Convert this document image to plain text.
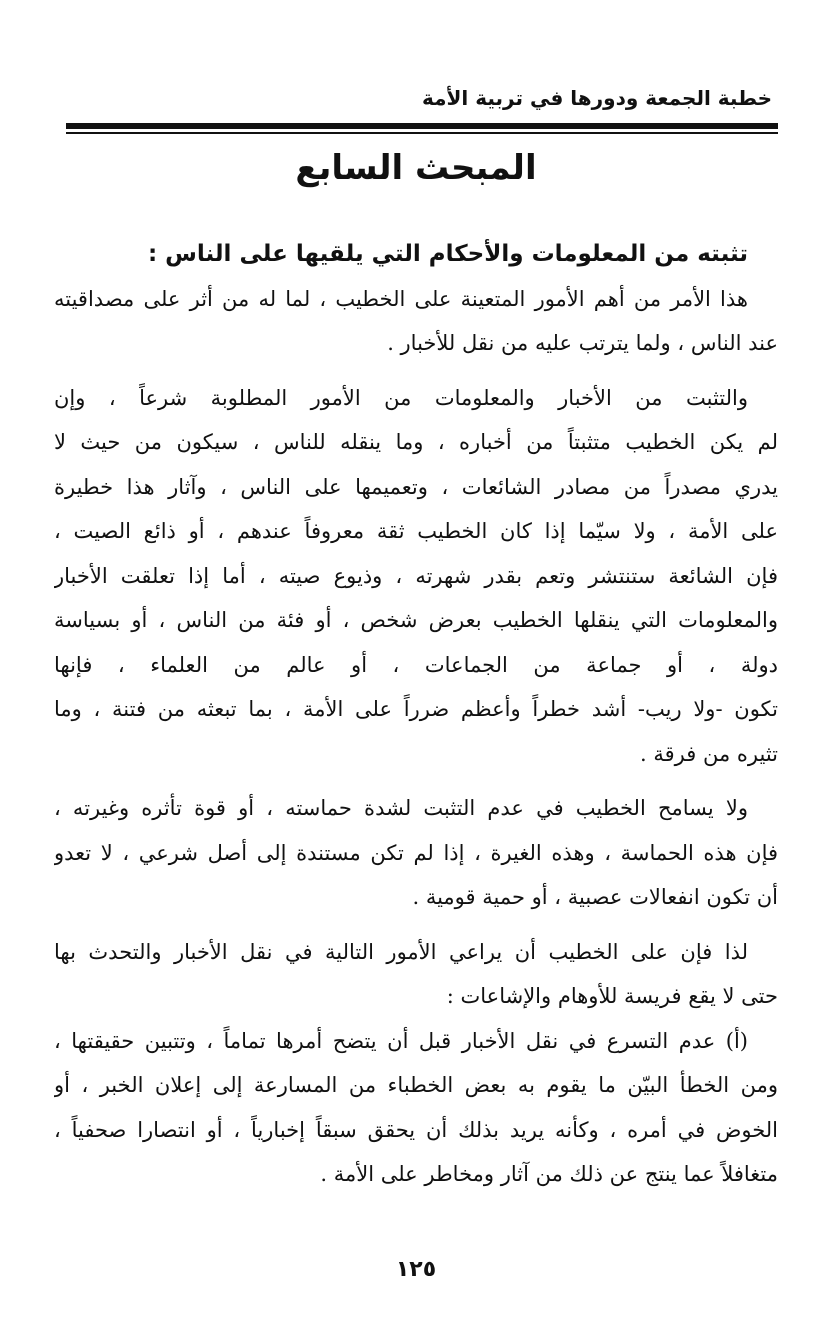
خطبة الجمعة ودورها في تربية الأمة
المبحث السابع
تثبته من المعلومات والأحكام التي يلقيها على الناس :
هذا الأمر من أهم الأمور المتعينة على الخطيب ، لما له من أثر على مصداقيته
عند الناس ، ولما يترتب عليه من نقل للأخبار .
والتثبت من الأخبار والمعلومات من الأمور المطلوبة شرعاً ، وإن
لم يكن الخطيب متثبتاً من أخباره ، وما ينقله للناس ، سيكون من حيث لا
يدري مصدراً من مصادر الشائعات ، وتعميمها على الناس ، وآثار هذا خطيرة
على الأمة ، ولا سيّما إذا كان الخطيب ثقة معروفاً عندهم ، أو ذائع الصيت ،
فإن الشائعة ستنتشر وتعم بقدر شهرته ، وذيوع صيته ، أما إذا تعلقت الأخبار
والمعلومات التي ينقلها الخطيب بعرض شخص ، أو فئة من الناس ، أو بسياسة
دولة ، أو جماعة من الجماعات ، أو عالم من العلماء ، فإنها
تكون -ولا ريب- أشد خطراً وأعظم ضرراً على الأمة ، بما تبعثه من فتنة ، وما
تثيره من فرقة .
ولا يسامح الخطيب في عدم التثبت لشدة حماسته ، أو قوة تأثره وغيرته ،
فإن هذه الحماسة ، وهذه الغيرة ، إذا لم تكن مستندة إلى أصل شرعي ، لا تعدو
أن تكون انفعالات عصبية ، أو حمية قومية .
لذا فإن على الخطيب أن يراعي الأمور التالية في نقل الأخبار والتحدث بها
حتى لا يقع فريسة للأوهام والإشاعات :
(أ) عدم التسرع في نقل الأخبار قبل أن يتضح أمرها تماماً ، وتتبين حقيقتها ،
ومن الخطأ البيّن ما يقوم به بعض الخطباء من المسارعة إلى إعلان الخبر ، أو
الخوض في أمره ، وكأنه يريد بذلك أن يحقق سبقاً إخبارياً ، أو انتصارا صحفياً ،
متغافلاً عما ينتج عن ذلك من آثار ومخاطر على الأمة .
١٢٥
